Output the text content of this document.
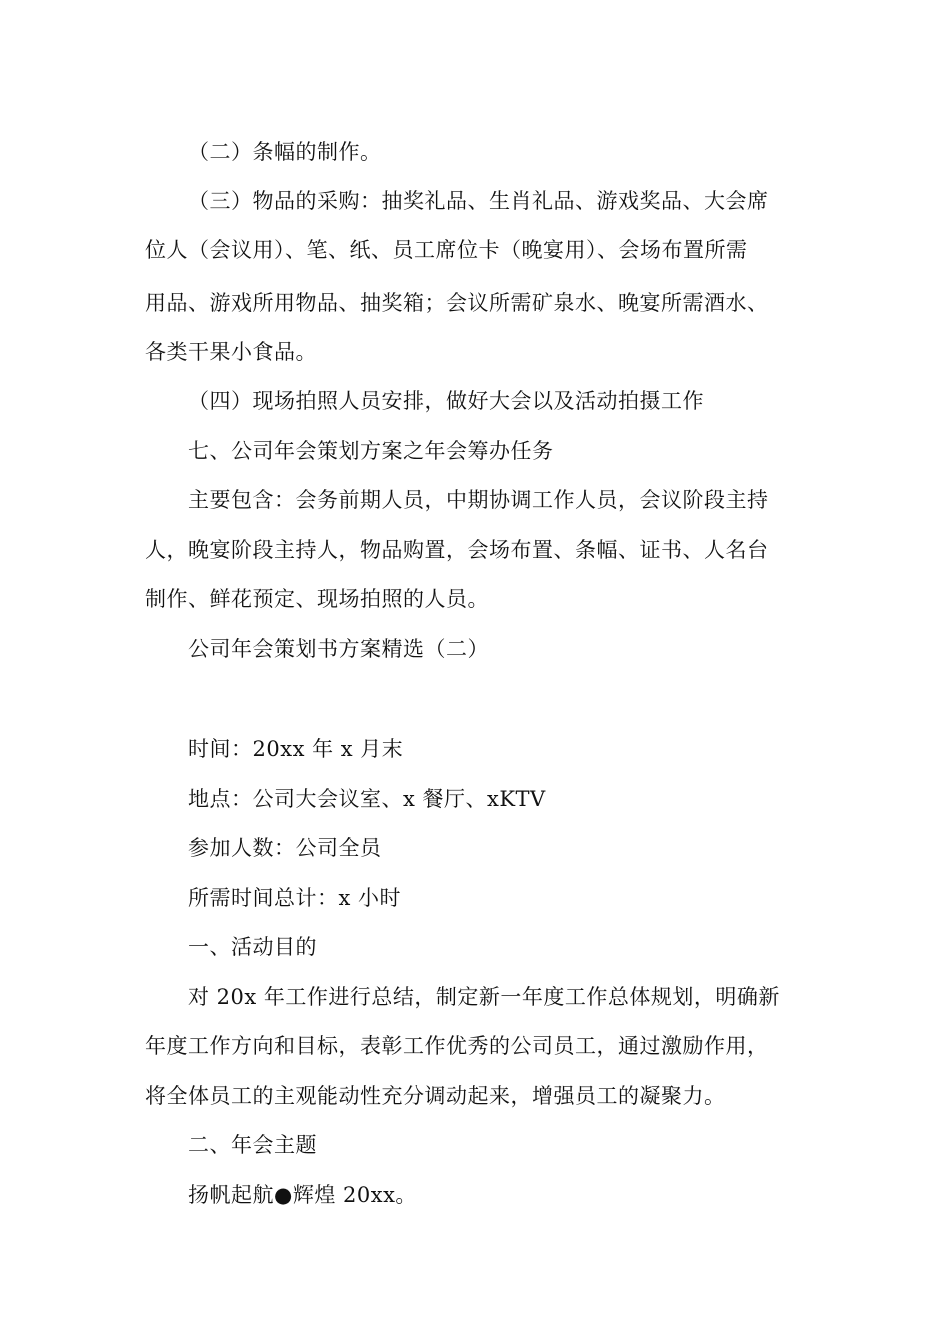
（二）条幅的制作。
（三）物品的采购：抽奖礼品、生肖礼品、游戏奖品、大会席
位人（会议用）、笔、纸、员工席位卡（晚宴用）、会场布置所需
用品、游戏所用物品、抽奖箱；会议所需矿泉水、晚宴所需酒水、
各类干果小食品。
（四）现场拍照人员安排，做好大会以及活动拍摄工作
七、公司年会策划方案之年会筹办任务
主要包含：会务前期人员，中期协调工作人员，会议阶段主持
人，晚宴阶段主持人，物品购置，会场布置、条幅、证书、人名台
制作、鲜花预定、现场拍照的人员。
公司年会策划书方案精选（二）
时间：20xx 年 x 月末
地点：公司大会议室、x 餐厅、xKTV
参加人数：公司全员
所需时间总计：x 小时
一、活动目的
对 20x 年工作进行总结，制定新一年度工作总体规划，明确新
年度工作方向和目标，表彰工作优秀的公司员工，通过激励作用，
将全体员工的主观能动性充分调动起来，增强员工的凝聚力。
二、年会主题
扬帆起航●辉煌 20xx。
